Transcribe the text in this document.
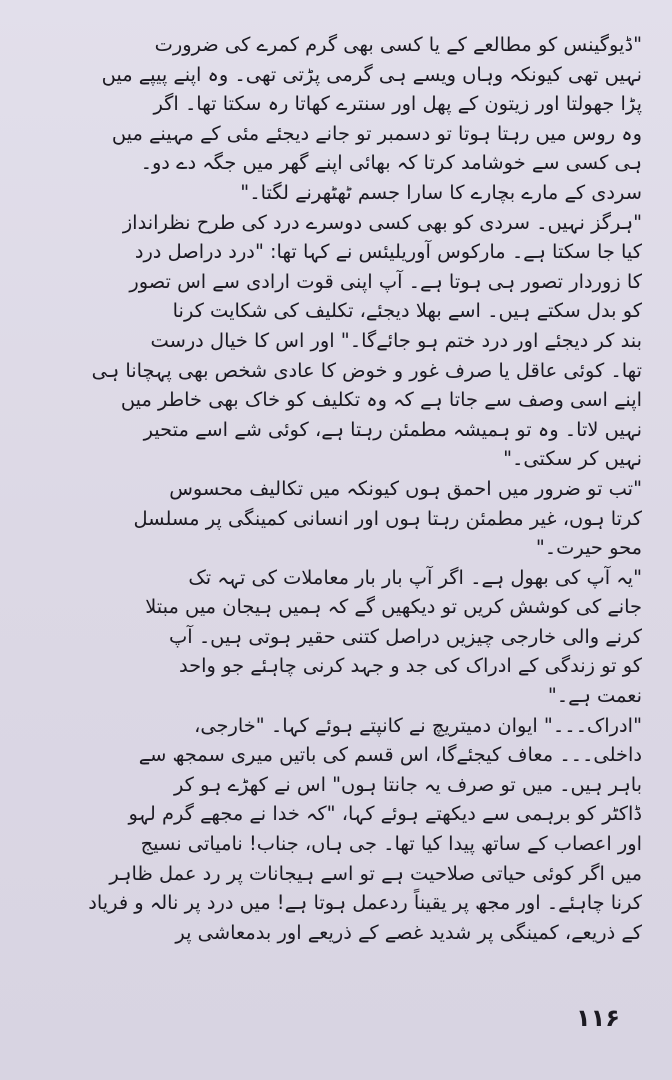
"ڈیوگینس کو مطالعے کے یا کسی بھی گرم کمرے کی ضرورت
نہیں تھی کیونکہ وہاں ویسے ہی گرمی پڑتی تھی۔ وہ اپنے پیپے میں
پڑا جھولتا اور زیتون کے پھل اور سنترے کھاتا رہ سکتا تھا۔ اگر
وہ روس میں رہتا ہوتا تو دسمبر تو جانے دیجئے مئی کے مہینے میں
ہی کسی سے خوشامد کرتا کہ بھائی اپنے گھر میں جگہ دے دو۔
سردی کے مارے بچارے کا سارا جسم ٹھٹھرنے لگتا۔"

"ہرگز نہیں۔ سردی کو بھی کسی دوسرے درد کی طرح نظرانداز
کیا جا سکتا ہے۔ مارکوس آوریلیئس نے کہا تھا: "درد دراصل درد
کا زوردار تصور ہی ہوتا ہے۔ آپ اپنی قوت ارادی سے اس تصور
کو بدل سکتے ہیں۔ اسے بھلا دیجئے، تکلیف کی شکایت کرنا
بند کر دیجئے اور درد ختم ہو جائےگا۔" اور اس کا خیال درست
تھا۔ کوئی عاقل یا صرف غور و خوض کا عادی شخص بھی پہچانا ہی
اپنے اسی وصف سے جاتا ہے کہ وہ تکلیف کو خاک بھی خاطر میں
نہیں لاتا۔ وہ تو ہمیشہ مطمئن رہتا ہے، کوئی شے اسے متحیر
نہیں کر سکتی۔"

"تب تو ضرور میں احمق ہوں کیونکہ میں تکالیف محسوس
کرتا ہوں، غیر مطمئن رہتا ہوں اور انسانی کمینگی پر مسلسل
محو حیرت۔"

"یہ آپ کی بھول ہے۔ اگر آپ بار بار معاملات کی تہہ تک
جانے کی کوشش کریں تو دیکھیں گے کہ ہمیں ہیجان میں مبتلا
کرنے والی خارجی چیزیں دراصل کتنی حقیر ہوتی ہیں۔ آپ
کو تو زندگی کے ادراک کی جد و جہد کرنی چاہئے جو واحد
نعمت ہے۔"

"ادراک۔۔۔" ایوان دمیتریچ نے کانپتے ہوئے کہا۔ "خارجی،
داخلی۔۔۔ معاف کیجئےگا، اس قسم کی باتیں میری سمجھ سے
باہر ہیں۔ میں تو صرف یہ جانتا ہوں" اس نے کھڑے ہو کر
ڈاکٹر کو برہمی سے دیکھتے ہوئے کہا، "کہ خدا نے مجھے گرم لہو
اور اعصاب کے ساتھ پیدا کیا تھا۔ جی ہاں، جناب! نامیاتی نسیج
میں اگر کوئی حیاتی صلاحیت ہے تو اسے ہیجانات پر رد عمل ظاہر
کرنا چاہئے۔ اور مجھ پر یقیناً ردعمل ہوتا ہے! میں درد پر نالہ و فریاد
کے ذریعے، کمینگی پر شدید غصے کے ذریعے اور بدمعاشی پر

۱۱۶
